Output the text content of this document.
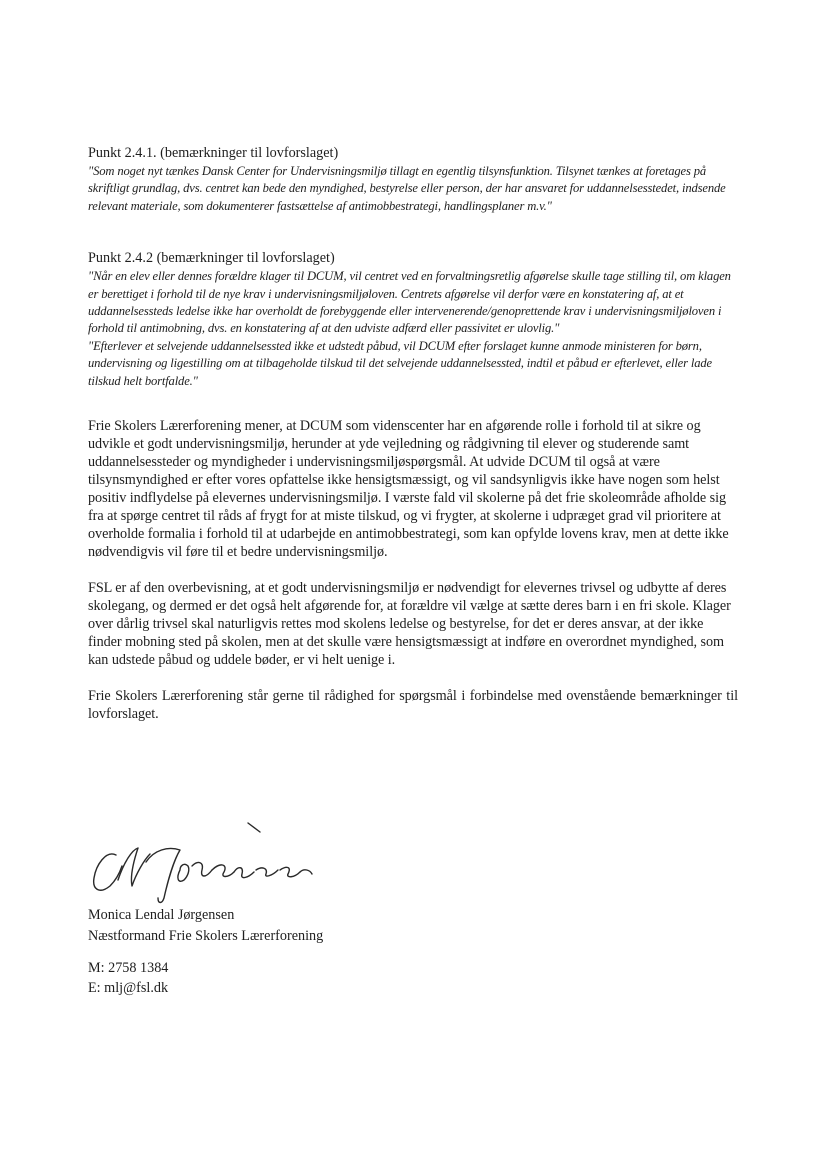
Punkt 2.4.1. (bemærkninger til lovforslaget)

"Som noget nyt tænkes Dansk Center for Undervisningsmiljø tillagt en egentlig tilsynsfunktion. Tilsynet tænkes at foretages på skriftligt grundlag, dvs. centret kan bede den myndighed, bestyrelse eller person, der har ansvaret for uddannelsesstedet, indsende relevant materiale, som dokumenterer fastsættelse af antimobbestrategi, handlingsplaner m.v."

Punkt 2.4.2 (bemærkninger til lovforslaget)

"Når en elev eller dennes forældre klager til DCUM, vil centret ved en forvaltningsretlig afgørelse skulle tage stilling til, om klagen er berettiget i forhold til de nye krav i undervisningsmiljøloven. Centrets afgørelse vil derfor være en konstatering af, at et uddannelsessteds ledelse ikke har overholdt de forebyggende eller intervenerende/genoprettende krav i undervisningsmiljøloven i forhold til antimobning, dvs. en konstatering af at den udviste adfærd eller passivitet er ulovlig."

"Efterlever et selvejende uddannelsessted ikke et udstedt påbud, vil DCUM efter forslaget kunne anmode ministeren for børn, undervisning og ligestilling om at tilbageholde tilskud til det selvejende uddannelsessted, indtil et påbud er efterlevet, eller lade tilskud helt bortfalde."

Frie Skolers Lærerforening mener, at DCUM som videnscenter har en afgørende rolle i forhold til at sikre og udvikle et godt undervisningsmiljø, herunder at yde vejledning og rådgivning til elever og studerende samt uddannelsessteder og myndigheder i undervisningsmiljøspørgsmål. At udvide DCUM til også at være tilsynsmyndighed er efter vores opfattelse ikke hensigtsmæssigt, og vil sandsynligvis ikke have nogen som helst positiv indflydelse på elevernes undervisningsmiljø. I værste fald vil skolerne på det frie skoleområde afholde sig fra at spørge centret til råds af frygt for at miste tilskud, og vi frygter, at skolerne i udpræget grad vil prioritere at overholde formalia i forhold til at udarbejde en antimobbestrategi, som kan opfylde lovens krav, men at dette ikke nødvendigvis vil føre til et bedre undervisningsmiljø.

FSL er af den overbevisning, at et godt undervisningsmiljø er nødvendigt for elevernes trivsel og udbytte af deres skolegang, og dermed er det også helt afgørende for, at forældre vil vælge at sætte deres barn i en fri skole. Klager over dårlig trivsel skal naturligvis rettes mod skolens ledelse og bestyrelse, for det er deres ansvar, at der ikke finder mobning sted på skolen, men at det skulle være hensigtsmæssigt at indføre en overordnet myndighed, som kan udstede påbud og uddele bøder, er vi helt uenige i.

Frie Skolers Lærerforening står gerne til rådighed for spørgsmål i forbindelse med ovenstående bemærkninger til lovforslaget.

Monica Lendal Jørgensen

Næstformand Frie Skolers Lærerforening

M: 2758 1384

E: mlj@fsl.dk
